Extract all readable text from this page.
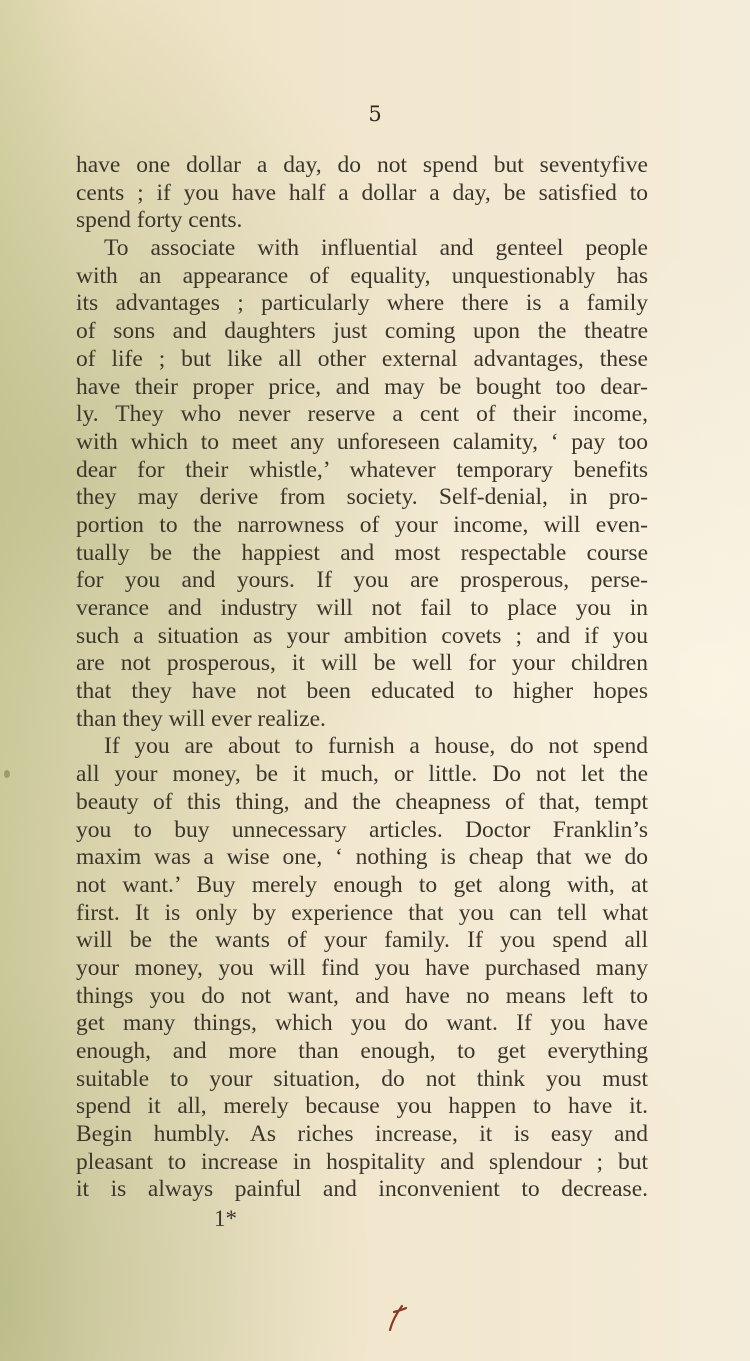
5
have one dollar a day, do not spend but seventyfive
cents ; if you have half a dollar a day, be satisfied to
spend forty cents.
To associate with influential and genteel people
with an appearance of equality, unquestionably has
its advantages ; particularly where there is a family
of sons and daughters just coming upon the theatre
of life ; but like all other external advantages, these
have their proper price, and may be bought too dear-
ly. They who never reserve a cent of their income,
with which to meet any unforeseen calamity, ‘ pay too
dear for their whistle,’ whatever temporary benefits
they may derive from society. Self-denial, in pro-
portion to the narrowness of your income, will even-
tually be the happiest and most respectable course
for you and yours. If you are prosperous, perse-
verance and industry will not fail to place you in
such a situation as your ambition covets ; and if you
are not prosperous, it will be well for your children
that they have not been educated to higher hopes
than they will ever realize.
If you are about to furnish a house, do not spend
all your money, be it much, or little. Do not let the
beauty of this thing, and the cheapness of that, tempt
you to buy unnecessary articles. Doctor Franklin’s
maxim was a wise one, ‘ nothing is cheap that we do
not want.’ Buy merely enough to get along with, at
first. It is only by experience that you can tell what
will be the wants of your family. If you spend all
your money, you will find you have purchased many
things you do not want, and have no means left to
get many things, which you do want. If you have
enough, and more than enough, to get everything
suitable to your situation, do not think you must
spend it all, merely because you happen to have it.
Begin humbly. As riches increase, it is easy and
pleasant to increase in hospitality and splendour ; but
it is always painful and inconvenient to decrease.
1*
